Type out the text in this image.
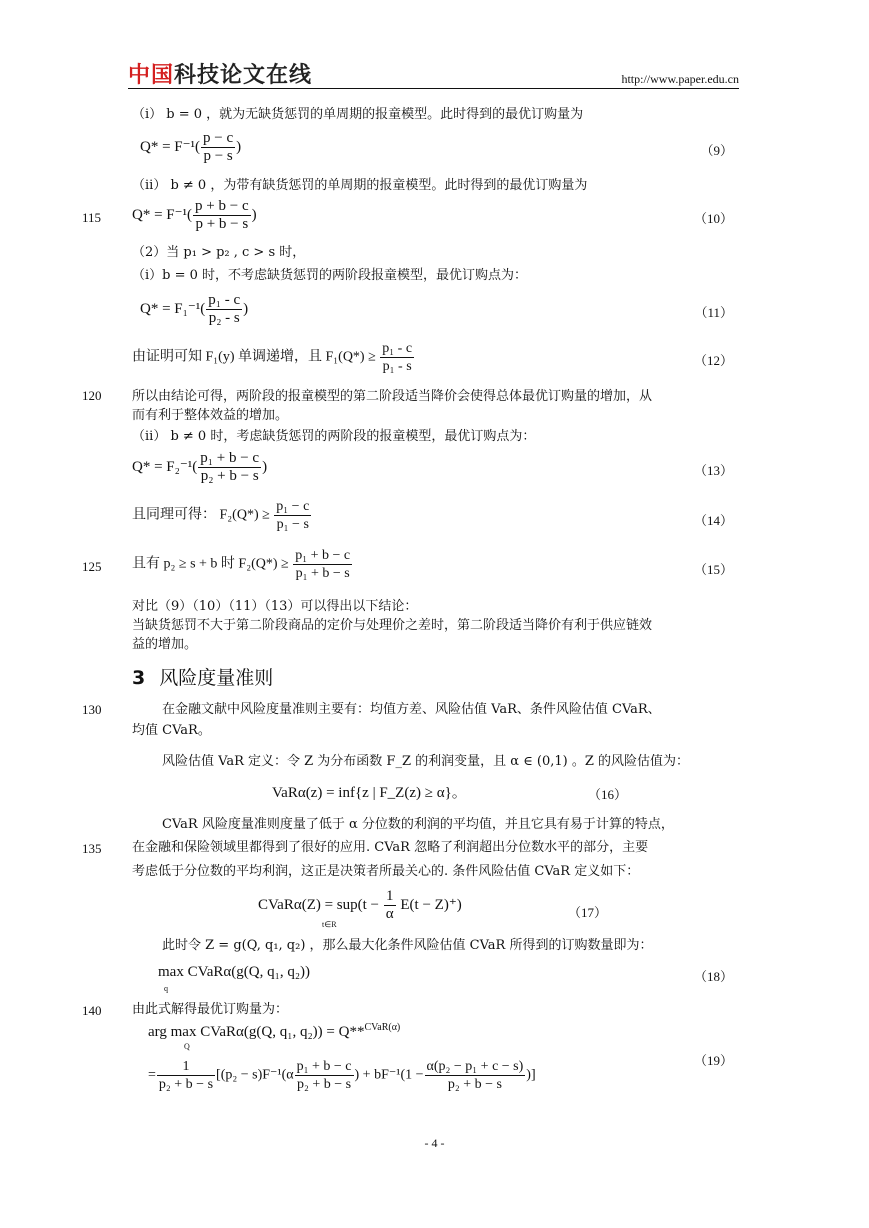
中国科技论文在线	http://www.paper.edu.cn
（i） b = 0 ，就为无缺货惩罚的单周期的报童模型。此时得到的最优订购量为
$Q* = F^{-1}( \frac{p - c}{p - s}$ )	（9）
（ii） b ≠ 0 ，为带有缺货惩罚的单周期的报童模型。此时得到的最优订购量为
115 $Q* = F^{-1}( \frac{p + b - c}{p + b - s}$ )	（10）
（2）当 p₁ > p₂ , c > s 时，
（i）b = 0 时，不考虑缺货惩罚的两阶段报童模型，最优订购点为：
$Q* = F_1^{-1}( \frac{\text{p₁ - c}}{\text{p₂ - s}}$ )	（11）
由证明可知 F₁(y) 单调递增，且 $F_1(Q*) \ge \frac{\text{p₁ - c}}{\text{p₁ - s}}$	（12）
120 所以由结论可得，两阶段的报童模型的第二阶段适当降价会使得总体最优订购量的增加，从
而有利于整体效益的增加。
（ii） b ≠ 0 时，考虑缺货惩罚的两阶段的报童模型，最优订购点为：
$Q* = F_2^{-1}( \frac{\text{p₁ + b − c}}{\text{p₂ + b − s}}$ )	（13）
且同理可得： $F_2(Q*) \ge \frac{\text{p₁ − c}}{\text{p₁ − s}}$	（14）
125 且有 p₂ ≥ s + b 时 $F_2(Q*) \ge \frac{\text{p₁ + b − c}}{\text{p₁ + b − s}}$	（15）
对比（9）（10）（11）（13）可以得出以下结论：
当缺货惩罚不大于第二阶段商品的定价与处理价之差时，第二阶段适当降价有利于供应链效
益的增加。
3 风险度量准则
130	在金融文献中风险度量准则主要有：均值方差、风险估值 VaR、条件风险估值 CVaR、
均值 CVaR。
风险估值 VaR 定义：令 Z 为分布函数 F_Z 的利润变量，且 α ∈ (0,1) 。Z 的风险估值为：
VaRα(z) = inf{z | F_Z(z) ≥ α}。	（16）
CVaR 风险度量准则度量了低于 α 分位数的利润的平均值，并且它具有易于计算的特点，
135 在金融和保险领域里都得到了很好的应用. CVaR 忽略了利润超出分位数水平的部分，主要
考虑低于分位数的平均利润，这正是决策者所最关心的. 条件风险估值 CVaR 定义如下：
CVaRα(Z) = $sup(t - \frac{1}{\alpha} E(t - Z)^+)$
t∈R
（17）
此时令 Z = g(Q, q₁, q₂) ，那么最大化条件风险估值 CVaR 所得到的订购数量即为：
max CVaRα(g(Q, q₁, q₂))
q
（18）
140 由此式解得最优订购量为：
arg max CVaRα(g(Q, q₁, q₂)) = Q**$^{CVaR(\alpha)}$
Q
= $\frac{1}{\text{p₂ + b − s}} [(p_2 - s)F^{-1}(\alpha \frac{\text{p₁ + b − c}}{\text{p₂ + b − s}}$ ) + $bF^{-1}(1 - \frac{\text{α(p₂ − p₁ + c − s)}}{\text{p₂ + b − s}}$ )]
（19）
- 4 -
